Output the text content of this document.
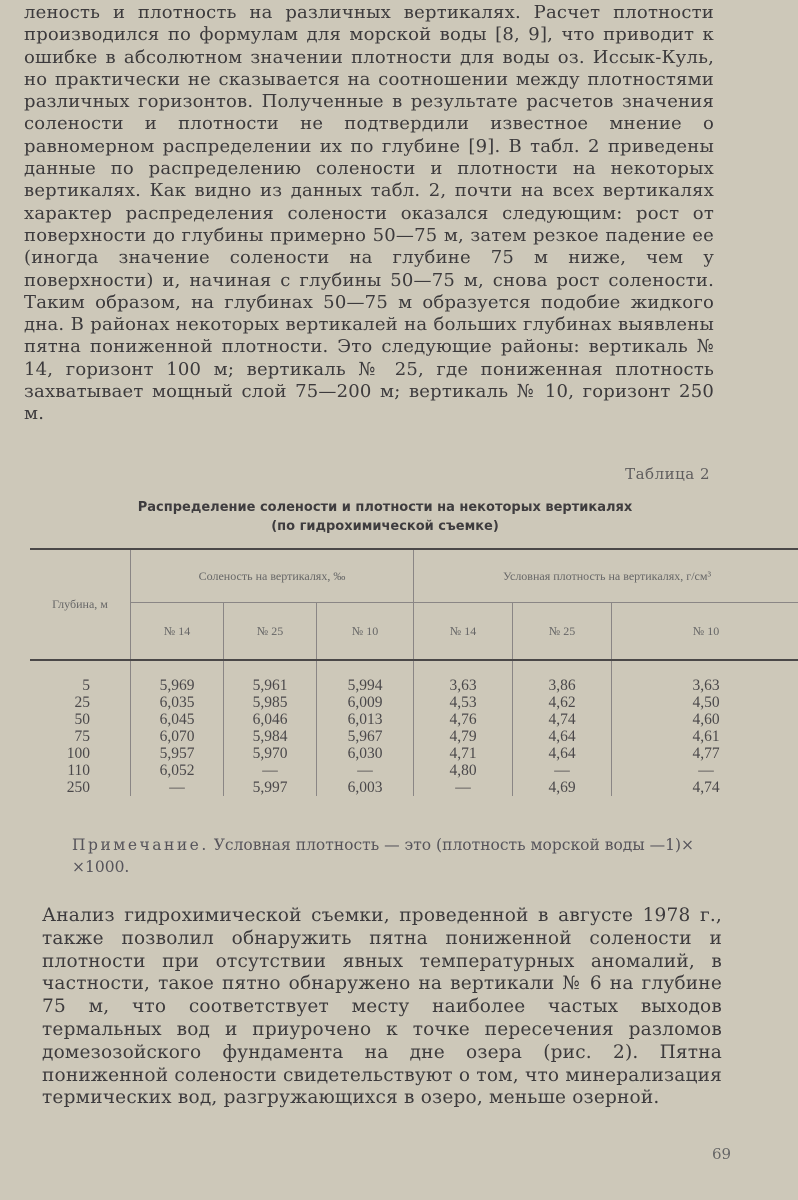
леность и плотность на различных вертикалях. Расчет плотности производился по формулам для морской воды [8, 9], что приводит к ошибке в абсолютном значении плотности для воды оз. Иссык-Куль, но практически не сказывается на соотношении между плотностями различных горизонтов. Полученные в результате расчетов значения солености и плотности не подтвердили известное мнение о равномерном распределении их по глубине [9]. В табл. 2 приведены данные по распределению солености и плотности на некоторых вертикалях. Как видно из данных табл. 2, почти на всех вертикалях характер распределения солености оказался следующим: рост от поверхности до глубины примерно 50—75 м, затем резкое падение ее (иногда значение солености на глубине 75 м ниже, чем у поверхности) и, начиная с глубины 50—75 м, снова рост солености. Таким образом, на глубинах 50—75 м образуется подобие жидкого дна. В районах некоторых вертикалей на больших глубинах выявлены пятна пониженной плотности. Это следующие районы: вертикаль № 14, горизонт 100 м; вертикаль № 25, где пониженная плотность захватывает мощный слой 75—200 м; вертикаль № 10, горизонт 250 м.

Таблица 2
Распределение солености и плотности на некоторых вертикалях
(по гидрохимической съемке)
Глубина, м	Соленость на вертикалях, ‰			Условная плотность на вертикалях, г/см³		
	№ 14	№ 25	№ 10	№ 14	№ 25	№ 10
5	5,969	5,961	5,994	3,63	3,86	3,63
25	6,035	5,985	6,009	4,53	4,62	4,50
50	6,045	6,046	6,013	4,76	4,74	4,60
75	6,070	5,984	5,967	4,79	4,64	4,61
100	5,957	5,970	6,030	4,71	4,64	4,77
110	6,052	—	—	4,80	—	—
250	—	5,997	6,003	—	4,69	4,74
Примечание. Условная плотность — это (плотность морской воды —1)× ×1000.

Анализ гидрохимической съемки, проведенной в августе 1978 г., также позволил обнаружить пятна пониженной солености и плотности при отсутствии явных температурных аномалий, в частности, такое пятно обнаружено на вертикали № 6 на глубине 75 м, что соответствует месту наиболее частых выходов термальных вод и приурочено к точке пересечения разломов домезозойского фундамента на дне озера (рис. 2). Пятна пониженной солености свидетельствуют о том, что минерализация термических вод, разгружающихся в озеро, меньше озерной.

69
